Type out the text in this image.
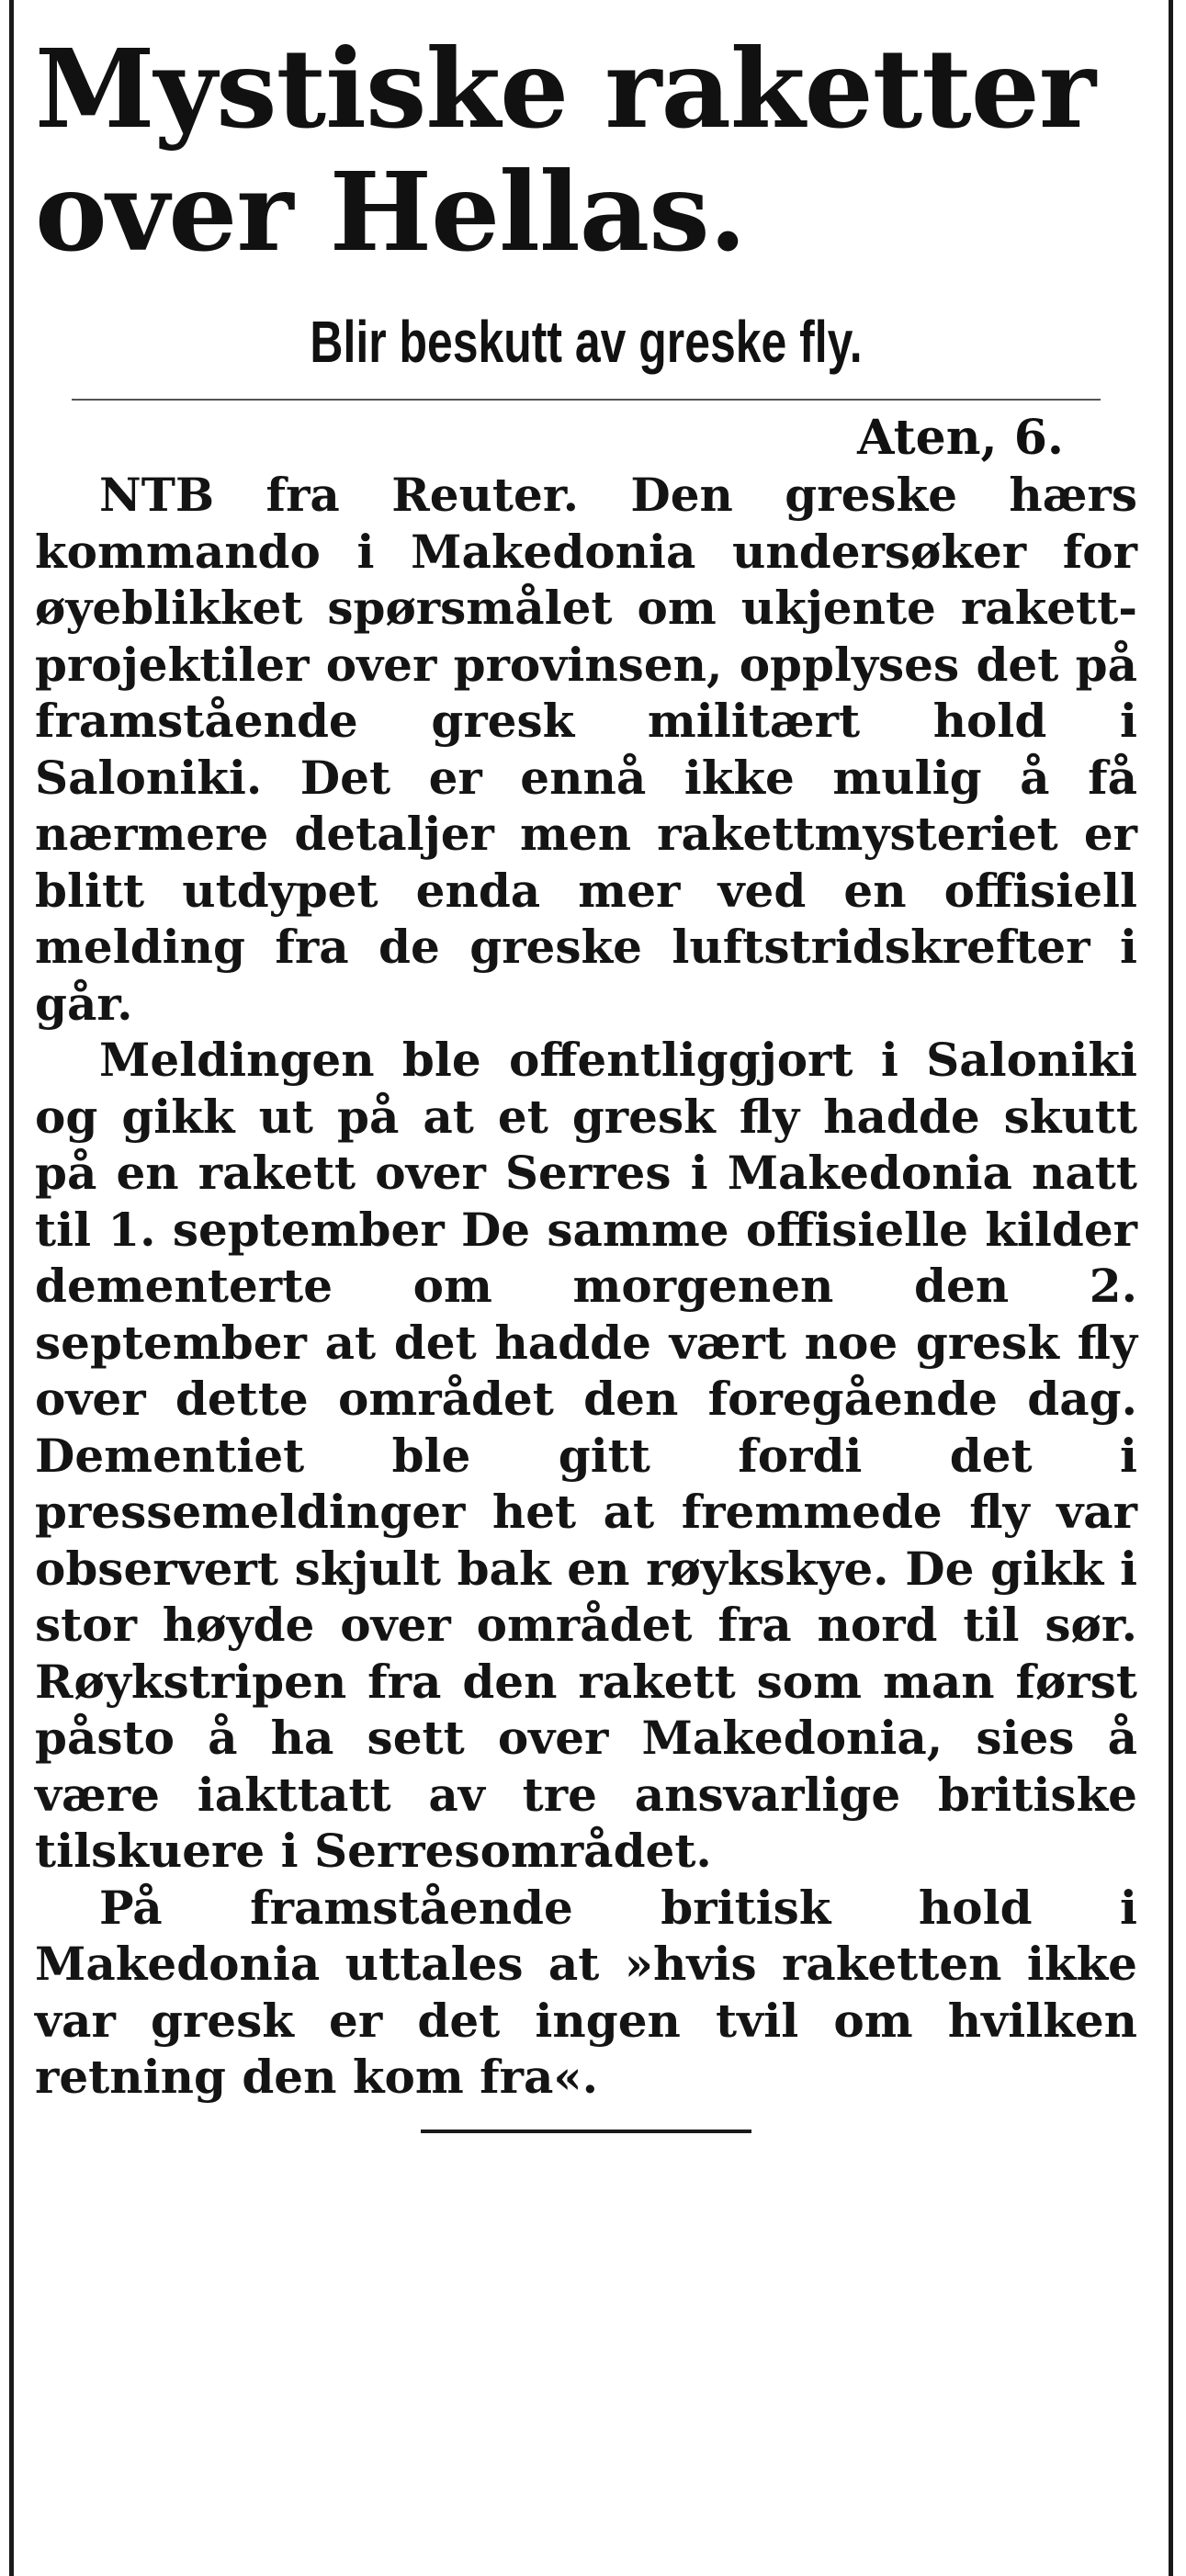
Mystiske raketter over Hellas.
Blir beskutt av greske fly.
Aten, 6.

NTB fra Reuter. Den greske hærs kommando i Makedonia undersøker for øyeblikket spørsmålet om ukjente rakett-projektiler over provinsen, opplyses det på framstående gresk militært hold i Saloniki. Det er ennå ikke mulig å få nærmere detaljer men rakettmysteriet er blitt utdypet enda mer ved en offisiell melding fra de greske luftstridskrefter i går.

Meldingen ble offentliggjort i Saloniki og gikk ut på at et gresk fly hadde skutt på en rakett over Serres i Makedonia natt til 1. september De samme offisielle kilder dementerte om morgenen den 2. september at det hadde vært noe gresk fly over dette området den foregående dag. Dementiet ble gitt fordi det i pressemeldinger het at fremmede fly var observert skjult bak en røykskye. De gikk i stor høyde over området fra nord til sør. Røykstripen fra den rakett som man først påsto å ha sett over Makedonia, sies å være iakttatt av tre ansvarlige britiske tilskuere i Serresområdet.

På framstående britisk hold i Makedonia uttales at »hvis raketten ikke var gresk er det ingen tvil om hvilken retning den kom fra«.
